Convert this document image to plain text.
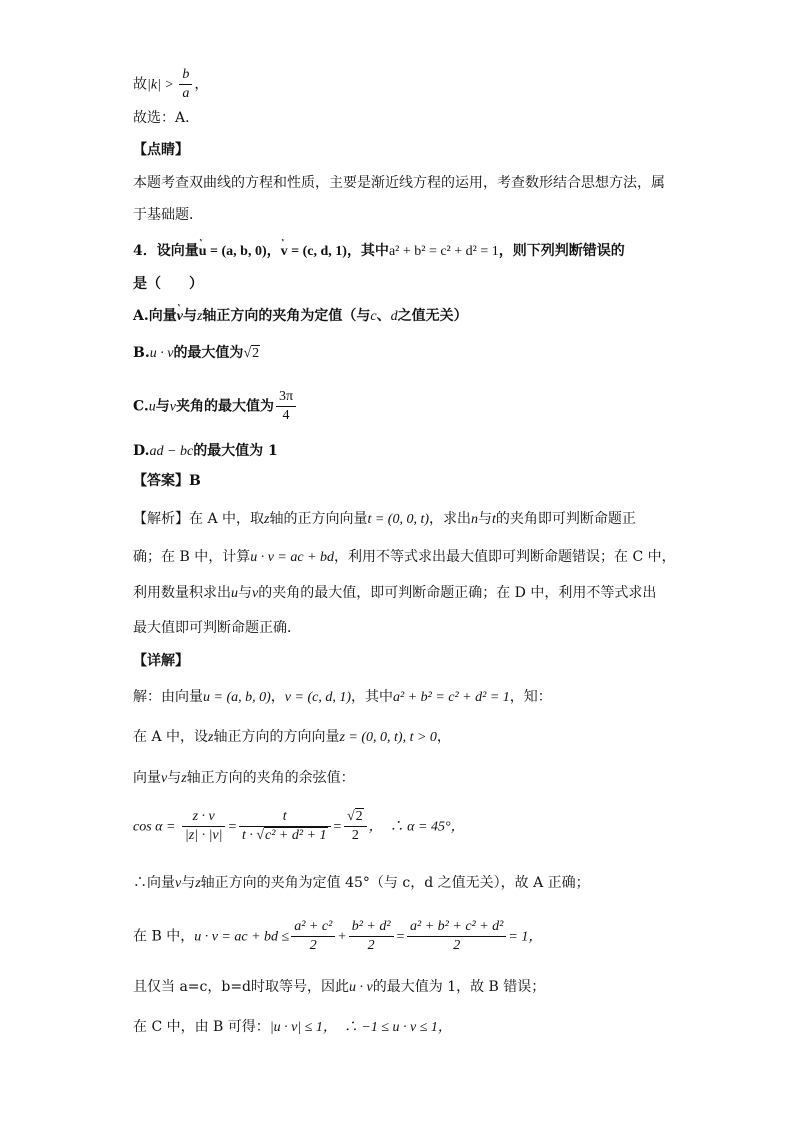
故$|k| > \frac{b}{a}$ ，
故选：A．
【点睛】
本题考查双曲线的方程和性质，主要是渐近线方程的运用，考查数形结合思想方法，属
于基础题．
4．设向量ᵛ u = (a, b, 0)，ᵛ v = (c, d, 1)，其中a² + b² = c² + d² = 1，则下列判断错误的
是（　　）
A.向量ᵛ v与z轴正方向的夹角为定值（与c、d之值无关）
B.u · v的最大值为√2
C.u与v夹角的最大值为 $\frac{3\pi}{4}$
D.ad − bc的最大值为 1
【答案】B
【解析】在 A 中，取z轴的正方向向量t = (0, 0, t)，求出n与t的夹角即可判断命题正
确；在 B 中，计算u · v = ac + bd，利用不等式求出最大值即可判断命题错误；在 C 中，
利用数量积求出u与v的夹角的最大值，即可判断命题正确；在 D 中，利用不等式求出
最大值即可判断命题正确．
【详解】
解：由向量u = (a, b, 0)，v = (c, d, 1)，其中a² + b² = c² + d² = 1，知：
在 A 中，设z轴正方向的方向向量z = (0, 0, t), t > 0，
向量v与z轴正方向的夹角的余弦值：
$\cos \alpha = \frac{z \cdot v}{|z| \cdot |v|} = \frac{t}{\text{t · √c² + d² + 1}} = \frac{√2}{2}$ ，　∴ α = 45°，
∴向量v与z轴正方向的夹角为定值 45°（与 c，d 之值无关），故 A 正确；
在 B 中，u · v = ac + bd ≤ $\frac{\text{a² + c²}}{2} + \frac{\text{b² + d²}}{2} = \frac{\text{a² + b² + c² + d²}}{2} = 1$，
且仅当 a=c，b=d时取等号，因此u · v的最大值为 1，故 B 错误；
在 C 中，由 B 可得：|u · v| ≤ 1，　∴ −1 ≤ u · v ≤ 1，
